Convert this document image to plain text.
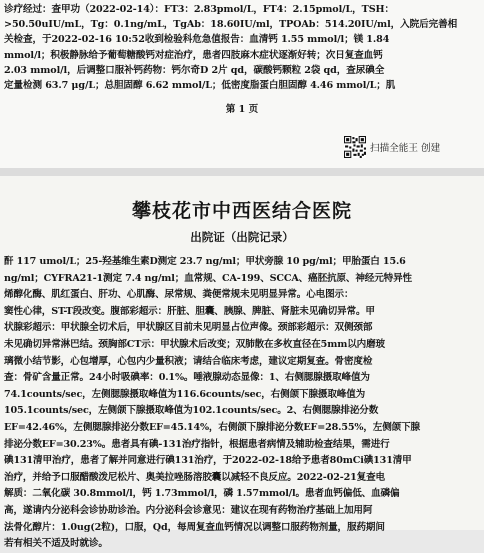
诊疗经过：查甲功（2022-02-14）：FT3：2.83pmol/L，FT4：2.15pmol/L，TSH：
>50.50uIU/mL，Tg：0.1ng/mL，TgAb：18.60IU/ml，TPOAb：514.20IU/ml，入院后完善相
关检查，于2022-02-16 10:52收到检验科危急值报告：血清钙 1.55 mmol/l；镁 1.84
mmol/l；积极静脉给予葡萄糖酸钙对症治疗，患者四肢麻木症状逐渐好转；次日复查血钙
2.03 mmol/l，后调整口服补钙药物：钙尔奇D 2片 qd，碳酸钙颗粒 2袋 qd，查尿碘全
定量检测 63.7 μg/L；总胆固醇 6.62 mmol/L；低密度脂蛋白胆固醇 4.46 mmol/L；肌
第 1 页
扫描全能王 创建
攀枝花市中西医结合医院
出院证（出院记录）
酐 117 umol/L；25-羟基维生素D测定 23.7 ng/ml；甲状旁腺 10 pg/ml；甲胎蛋白 15.6
ng/ml；CYFRA21-1测定 7.4 ng/ml；血常规、CA-199、SCCA、癌胚抗原、神经元特异性
烯醇化酶、肌红蛋白、肝功、心肌酶、尿常规、粪便常规未见明显异常。心电图示：
窦性心律，ST-T段改变。腹部彩超示：肝脏、胆囊、胰腺、脾脏、肾脏未见确切异常。甲
状腺彩超示：甲状腺全切术后，甲状腺区目前未见明显占位声像。颈部彩超示：双侧颈部
未见确切异常淋巴结。颈胸部CT示：甲状腺术后改变；双肺散在多枚直径在5mm以内磨玻
璃微小结节影，心包增厚，心包内少量积液；请结合临床考虑，建议定期复查。骨密度检
查：骨矿含量正常。24小时吸碘率：0.1%。唾液腺动态显像：1、右侧腮腺摄取峰值为
74.1counts/sec，左侧腮腺摄取峰值为116.6counts/sec，右侧颌下腺摄取峰值为
105.1counts/sec，左侧颌下腺摄取峰值为102.1counts/sec。2、右侧腮腺排泌分数
EF=42.46%，左侧腮腺排泌分数EF=45.14%，右侧颌下腺排泌分数EF=28.55%，左侧颌下腺
排泌分数EF=30.23%。患者具有碘-131治疗指针，根据患者病情及辅助检查结果，需进行
碘131清甲治疗，患者了解并同意进行碘131治疗，于2022-02-18给予患者80mCi碘131清甲
治疗，并给予口服醋酸泼尼松片、奥美拉唑肠溶胶囊以减轻不良反应。2022-02-21复查电
解质：二氧化碳 30.8mmol/l，钙 1.73mmol/l，磷 1.57mmol/l。患者血钙偏低、血磷偏
高，遂请内分泌科会诊协助诊治。内分泌科会诊意见：建议在现有药物治疗基础上加用阿
法骨化醇片：1.0ug(2粒)，口服，Qd，每周复查血钙情况以调整口服药物剂量，服药期间
若有相关不适及时就诊。
